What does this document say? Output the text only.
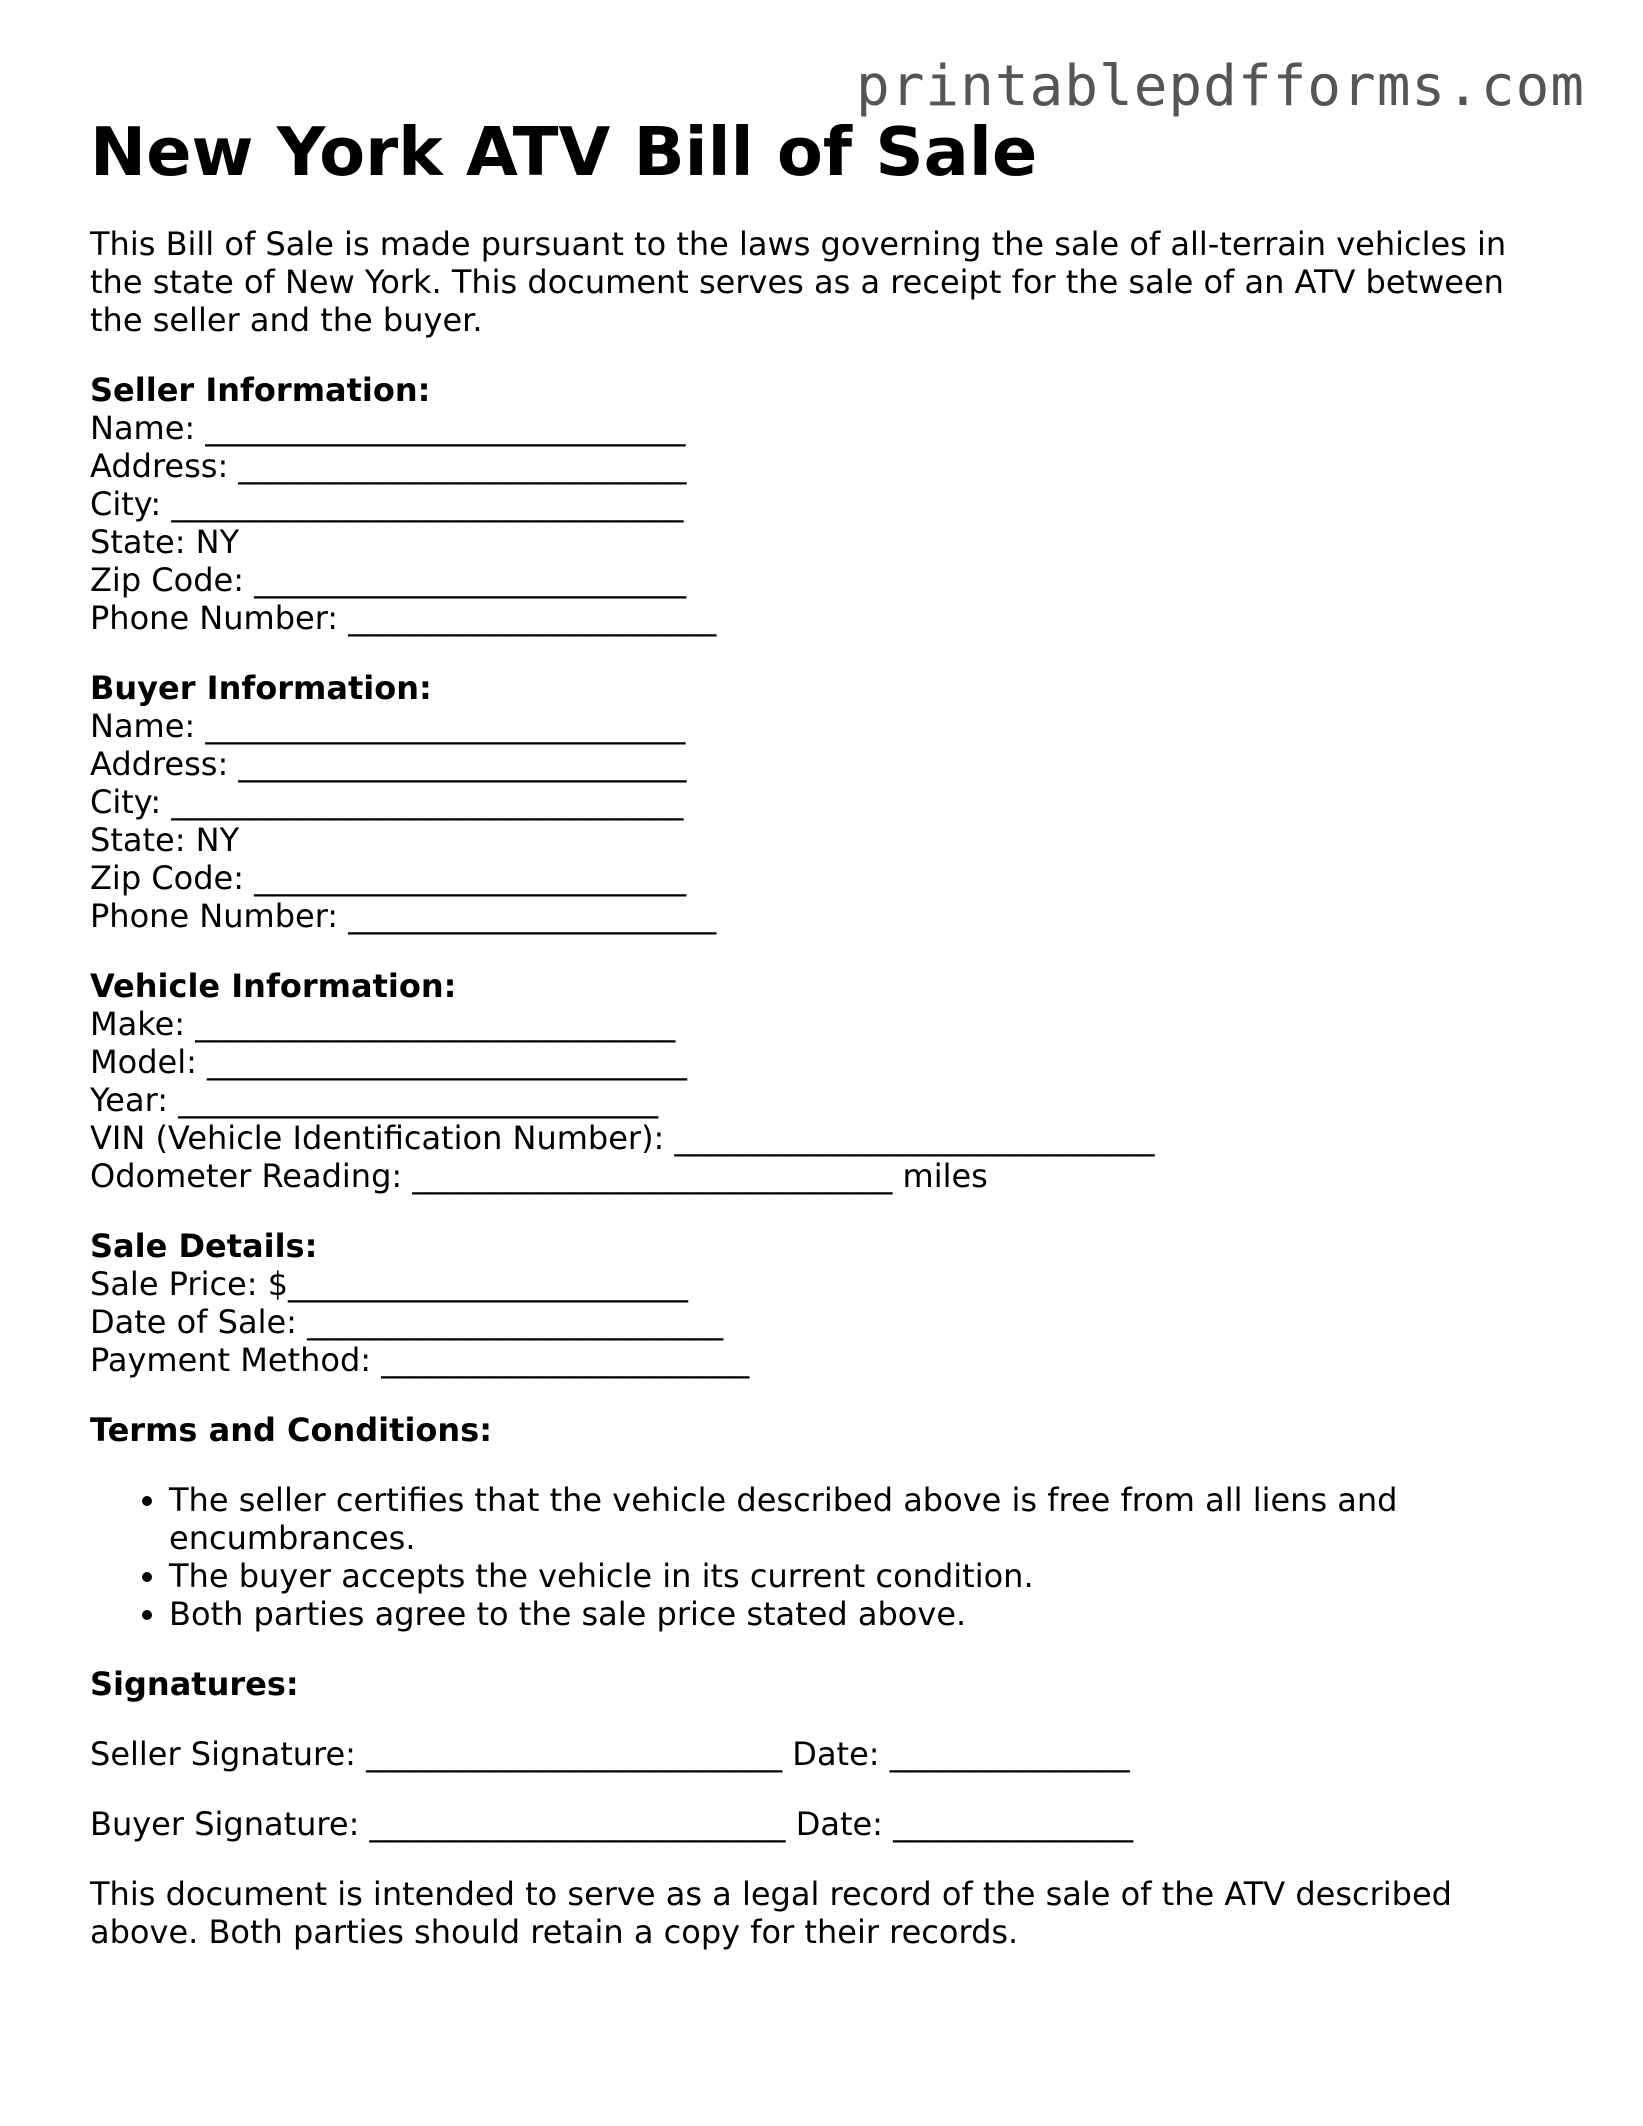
printablepdfforms.com
New York ATV Bill of Sale

This Bill of Sale is made pursuant to the laws governing the sale of all-terrain vehicles in the state of New York. This document serves as a receipt for the sale of an ATV between the seller and the buyer.

Seller Information:
Name: ______________________________
Address: ____________________________
City: ________________________________
State: NY
Zip Code: ___________________________
Phone Number: _______________________
Buyer Information:
Name: ______________________________
Address: ____________________________
City: ________________________________
State: NY
Zip Code: ___________________________
Phone Number: _______________________
Vehicle Information:
Make: ______________________________
Model: ______________________________
Year: ______________________________
VIN (Vehicle Identification Number): ______________________________
Odometer Reading: ______________________________ miles
Sale Details:
Sale Price: $_________________________
Date of Sale: __________________________
Payment Method: _______________________
Terms and Conditions:
• The seller certifies that the vehicle described above is free from all liens and encumbrances.
• The buyer accepts the vehicle in its current condition.
• Both parties agree to the sale price stated above.
Signatures:
Seller Signature: __________________________ Date: _______________
Buyer Signature: __________________________ Date: _______________

This document is intended to serve as a legal record of the sale of the ATV described above. Both parties should retain a copy for their records.
